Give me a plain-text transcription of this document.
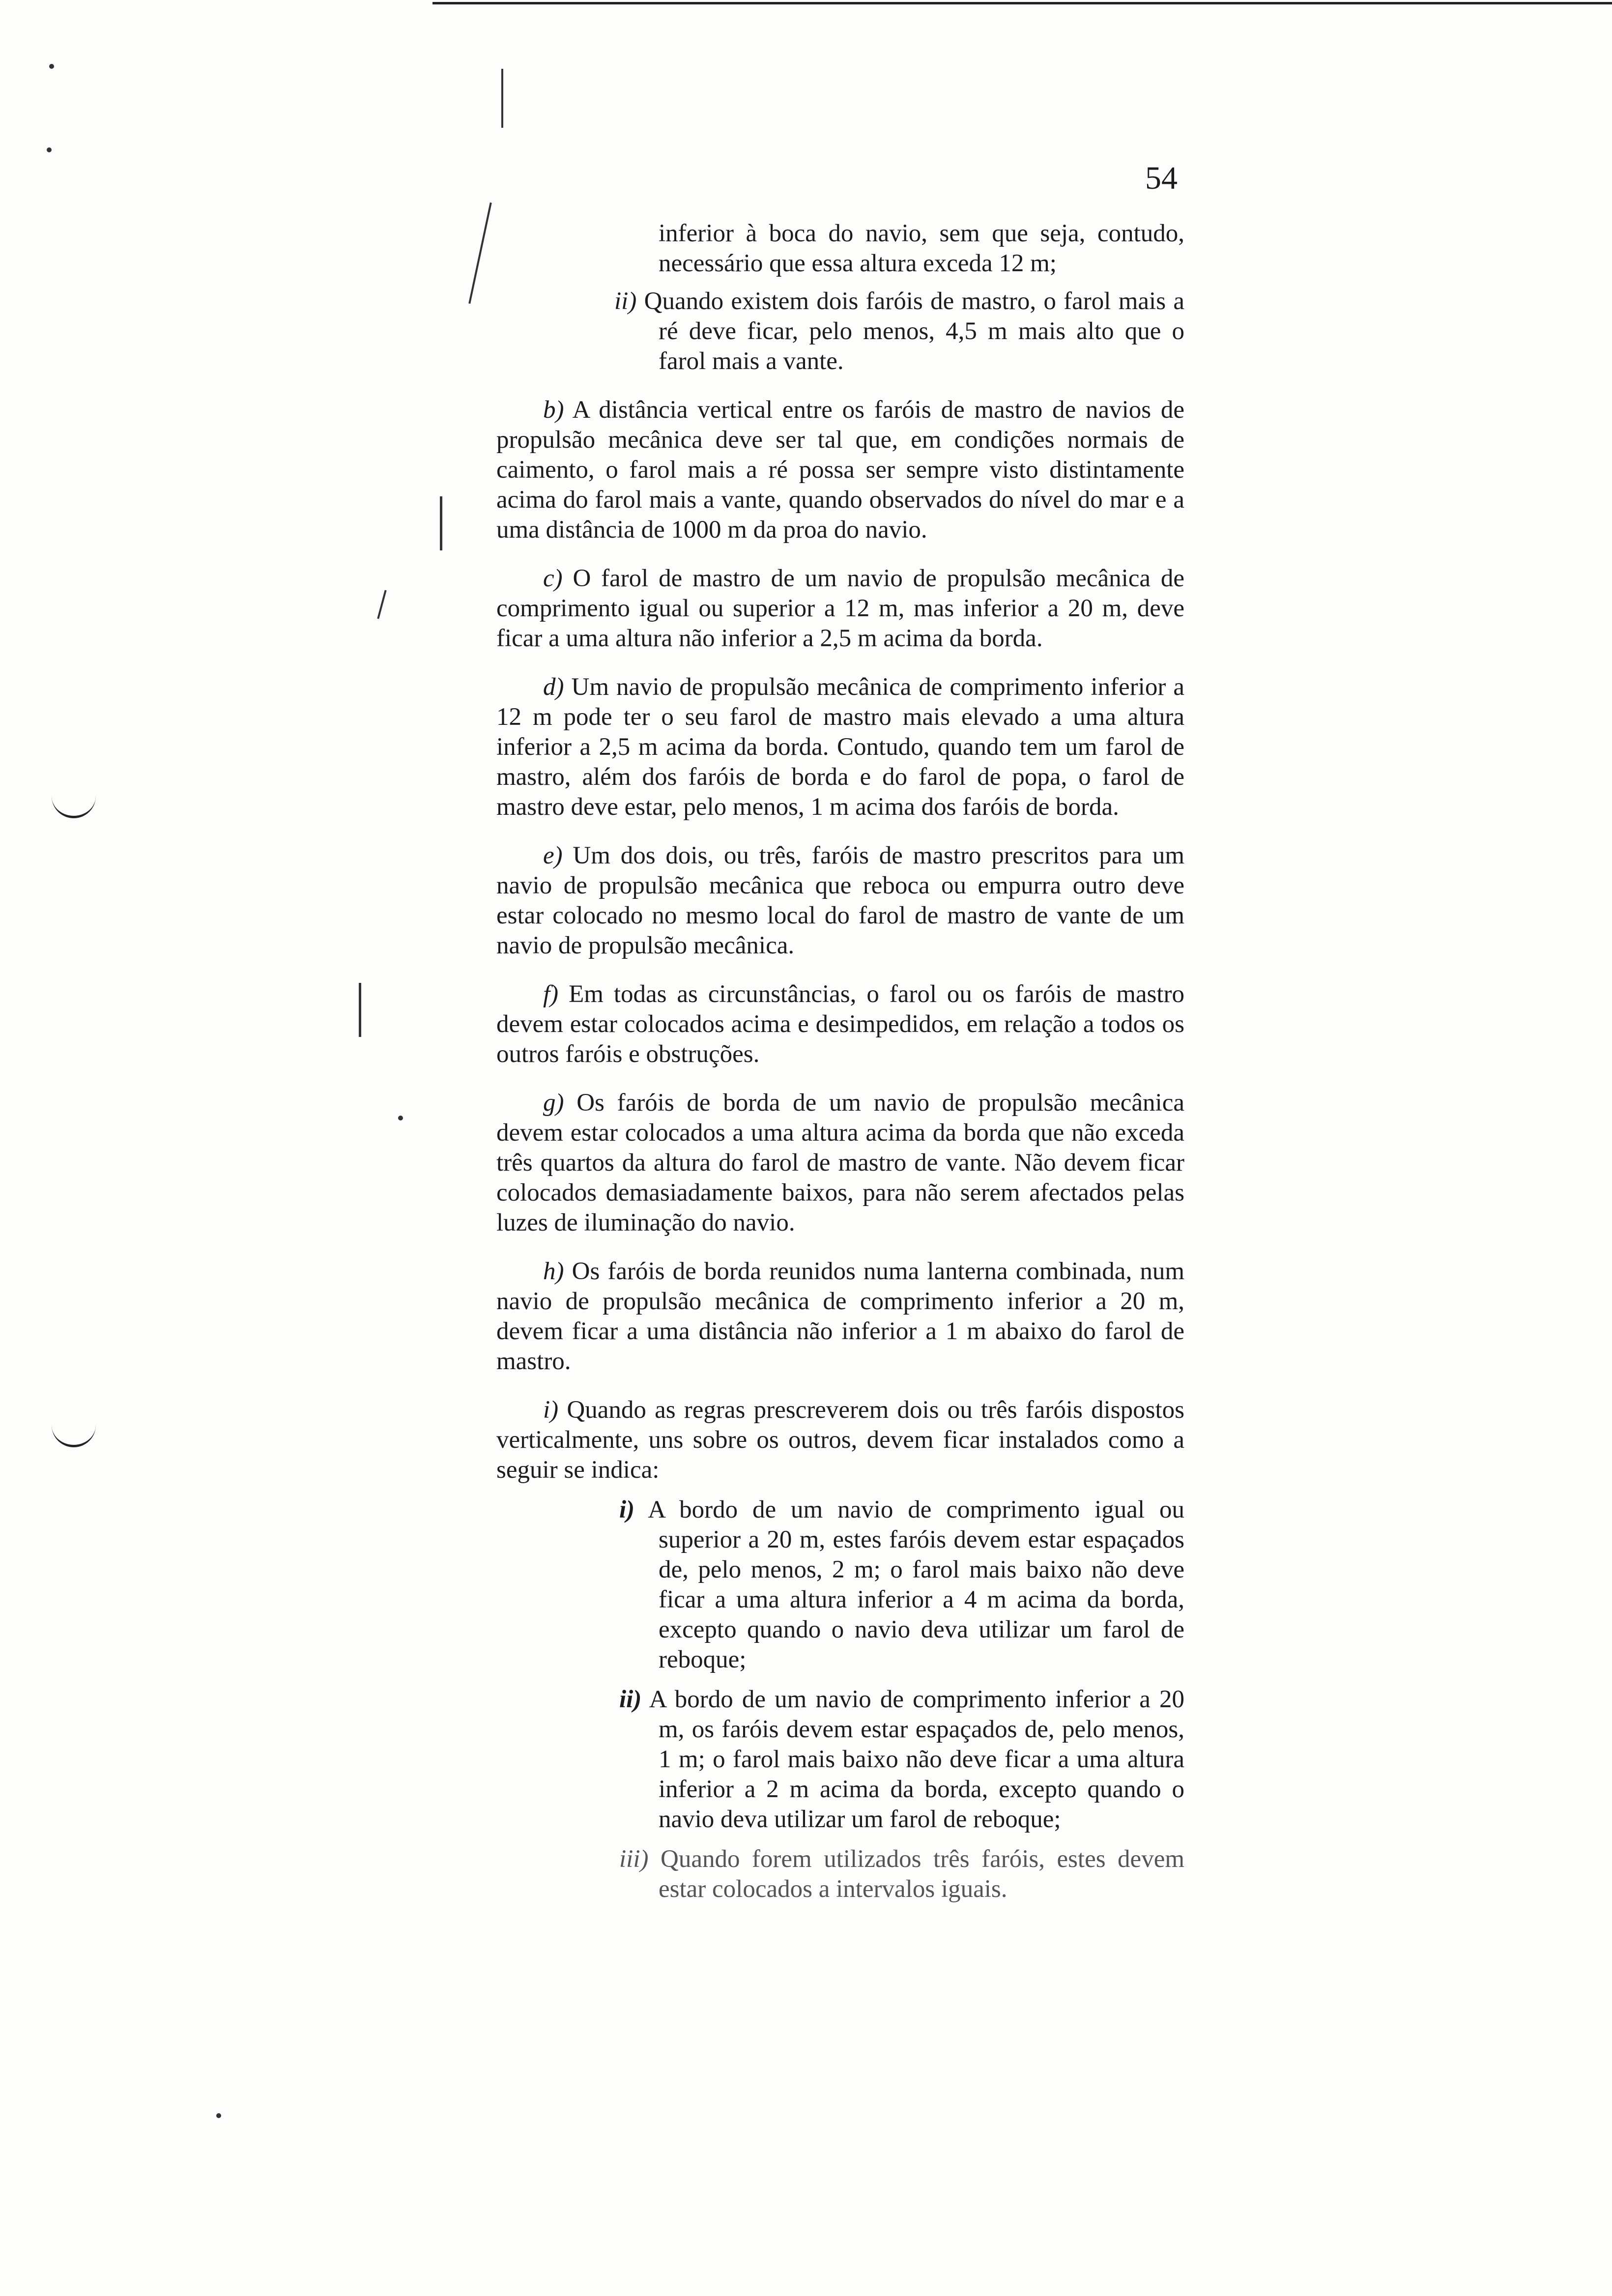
54

inferior à boca do navio, sem que seja, contudo, necessário que essa altura exceda 12 m;

ii) Quando existem dois faróis de mastro, o farol mais a ré deve ficar, pelo menos, 4,5 m mais alto que o farol mais a vante.

b) A distância vertical entre os faróis de mastro de navios de propulsão mecânica deve ser tal que, em condições normais de caimento, o farol mais a ré possa ser sempre visto distintamente acima do farol mais a vante, quando observados do nível do mar e a uma distância de 1000 m da proa do navio.

c) O farol de mastro de um navio de propulsão mecânica de comprimento igual ou superior a 12 m, mas inferior a 20 m, deve ficar a uma altura não inferior a 2,5 m acima da borda.

d) Um navio de propulsão mecânica de comprimento inferior a 12 m pode ter o seu farol de mastro mais elevado a uma altura inferior a 2,5 m acima da borda. Contudo, quando tem um farol de mastro, além dos faróis de borda e do farol de popa, o farol de mastro deve estar, pelo menos, 1 m acima dos faróis de borda.

e) Um dos dois, ou três, faróis de mastro prescritos para um navio de propulsão mecânica que reboca ou empurra outro deve estar colocado no mesmo local do farol de mastro de vante de um navio de propulsão mecânica.

f) Em todas as circunstâncias, o farol ou os faróis de mastro devem estar colocados acima e desimpedidos, em relação a todos os outros faróis e obstruções.

g) Os faróis de borda de um navio de propulsão mecânica devem estar colocados a uma altura acima da borda que não exceda três quartos da altura do farol de mastro de vante. Não devem ficar colocados demasiadamente baixos, para não serem afectados pelas luzes de iluminação do navio.

h) Os faróis de borda reunidos numa lanterna combinada, num navio de propulsão mecânica de comprimento inferior a 20 m, devem ficar a uma distância não inferior a 1 m abaixo do farol de mastro.

i) Quando as regras prescreverem dois ou três faróis dispostos verticalmente, uns sobre os outros, devem ficar instalados como a seguir se indica:

i) A bordo de um navio de comprimento igual ou superior a 20 m, estes faróis devem estar espaçados de, pelo menos, 2 m; o farol mais baixo não deve ficar a uma altura inferior a 4 m acima da borda, excepto quando o navio deva utilizar um farol de reboque;

ii) A bordo de um navio de comprimento inferior a 20 m, os faróis devem estar espaçados de, pelo menos, 1 m; o farol mais baixo não deve ficar a uma altura inferior a 2 m acima da borda, excepto quando o navio deva utilizar um farol de reboque;

iii) Quando forem utilizados três faróis, estes devem estar colocados a intervalos iguais.
